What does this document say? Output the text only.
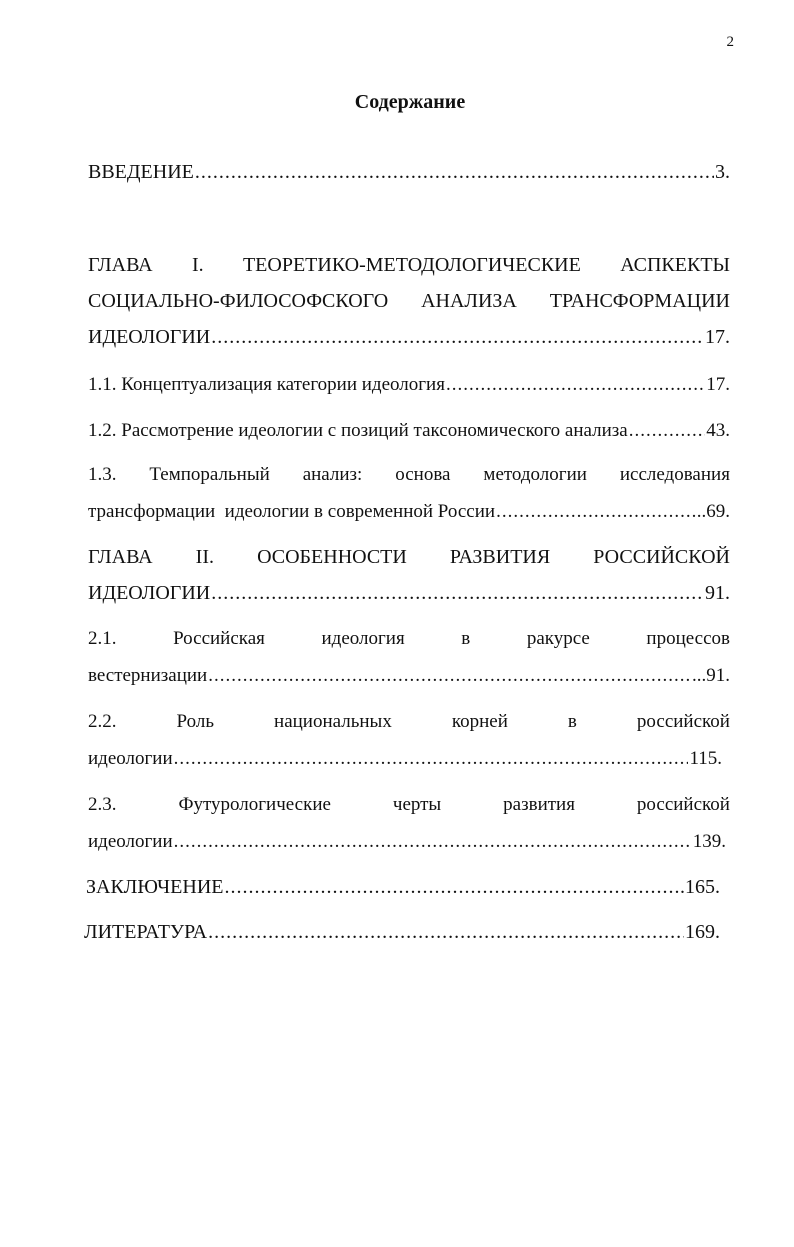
2
Содержание
ВВЕДЕНИЕ .....	3.
ГЛАВА I. ТЕОРЕТИКО-МЕТОДОЛОГИЧЕСКИЕ АСПКЕКТЫ
СОЦИАЛЬНО-ФИЛОСОФСКОГО АНАЛИЗА ТРАНСФОРМАЦИИ
ИДЕОЛОГИИ .....	17.
1.1. Концептуализация категории идеология .....	17.
1.2. Рассмотрение идеологии с позиций таксономического анализа .....	43.
1.3. Темпоральный анализ: основа методологии исследования
трансформации  идеологии в современной России .....	..69.
ГЛАВА II. ОСОБЕННОСТИ РАЗВИТИЯ РОССИЙСКОЙ
ИДЕОЛОГИИ .....	91.
2.1.	Российская	идеология	в	ракурсе	процессов
вестернизации .....	...91.
2.2.	Роль	национальных	корней	в	российской
идеологии .....	115.
2.3.	Футурологические	черты	развития	российской
идеологии .....	139.
ЗАКЛЮЧЕНИЕ .....	.165.
ЛИТЕРАТУРА .....	169.
